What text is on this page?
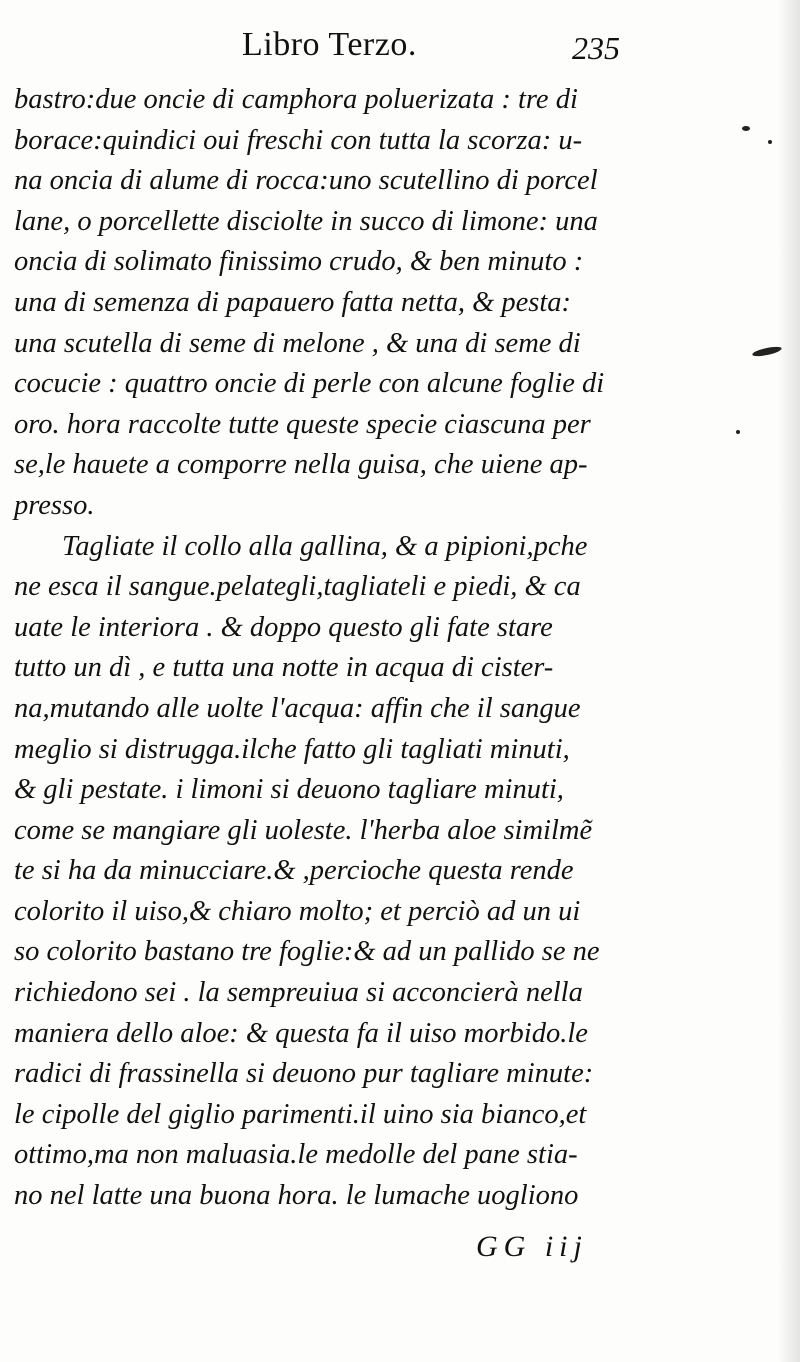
Libro Terzo.	235
bastro:due oncie di camphora poluerizata : tre di
borace:quindici oui freschi con tutta la scorza: u-
na oncia di alume di rocca:uno scutellino di porcel
lane, o porcellette disciolte in succo di limone: una
oncia di solimato finissimo crudo, & ben minuto :
una di semenza di papauero fatta netta, & pesta:
una scutella di seme di melone , & una di seme di
cocucie : quattro oncie di perle con alcune foglie di
oro. hora raccolte tutte queste specie ciascuna per
se,le hauete a comporre nella guisa, che uiene ap-
presso.
Tagliate il collo alla gallina, & a pipioni,pche
ne esca il sangue.pelategli,tagliateli e piedi, & ca
uate le interiora . & doppo questo gli fate stare
tutto un dì , e tutta una notte in acqua di cister-
na,mutando alle uolte l'acqua: affin che il sangue
meglio si distrugga.ilche fatto gli tagliati minuti,
& gli pestate. i limoni si deuono tagliare minuti,
come se mangiare gli uoleste. l'herba aloe similmẽ
te si ha da minucciare.& ,percioche questa rende
colorito il uiso,& chiaro molto; et perciò ad un ui
so colorito bastano tre foglie:& ad un pallido se ne
richiedono sei . la sempreuiua si acconcierà nella
maniera dello aloe: & questa fa il uiso morbido.le
radici di frassinella si deuono pur tagliare minute:
le cipolle del giglio parimenti.il uino sia bianco,et
ottimo,ma non maluasia.le medolle del pane stia-
no nel latte una buona hora. le lumache uogliono
GG iij
